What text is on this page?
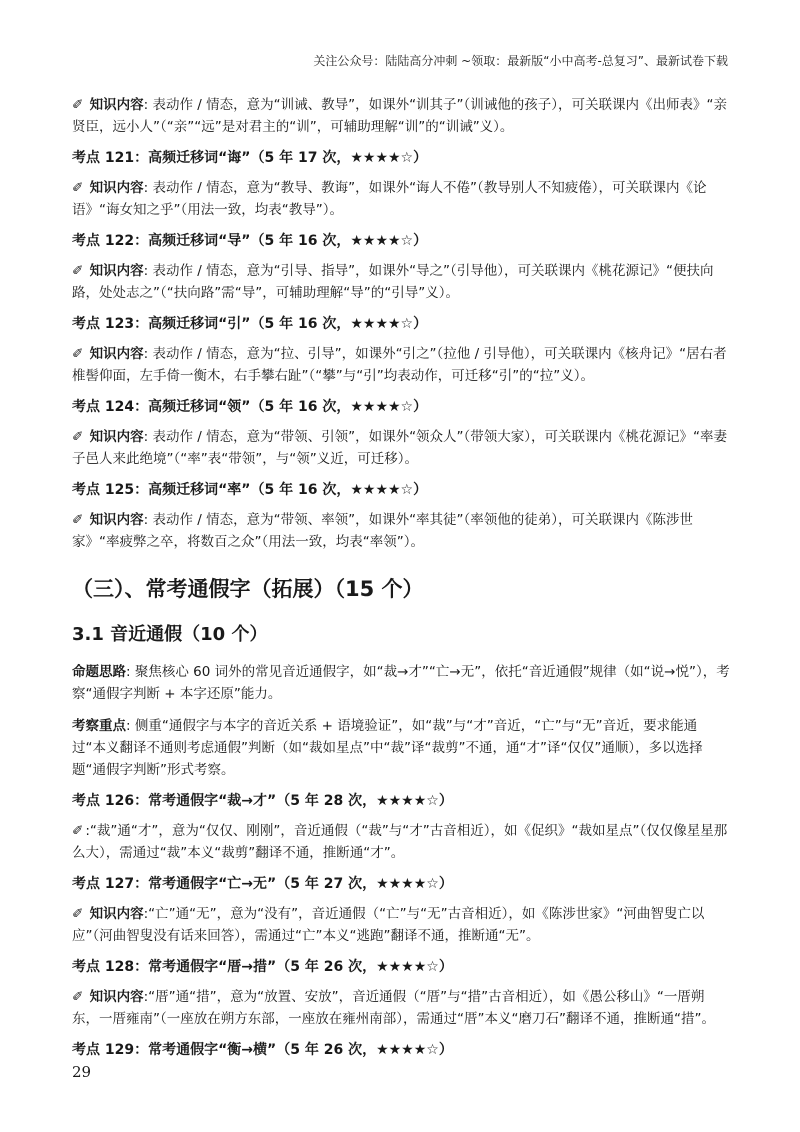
关注公众号：陆陆高分冲刺 ~领取：最新版“小中高考-总复习”、最新试卷下载

✐ 知识内容: 表动作 / 情态，意为“训诫、教导”，如课外“训其子”（训诫他的孩子），可关联课内《出师表》“亲贤臣，远小人”（“亲”“远”是对君主的“训”，可辅助理解“训”的“训诫”义）。

考点 121：高频迁移词“诲”（5 年 17 次，★★★★☆）

✐ 知识内容: 表动作 / 情态，意为“教导、教诲”，如课外“诲人不倦”（教导别人不知疲倦），可关联课内《论语》“诲女知之乎”（用法一致，均表“教导”）。

考点 122：高频迁移词“导”（5 年 16 次，★★★★☆）

✐ 知识内容: 表动作 / 情态，意为“引导、指导”，如课外“导之”（引导他），可关联课内《桃花源记》“便扶向路，处处志之”（“扶向路”需“导”，可辅助理解“导”的“引导”义）。

考点 123：高频迁移词“引”（5 年 16 次，★★★★☆）

✐ 知识内容: 表动作 / 情态，意为“拉、引导”，如课外“引之”（拉他 / 引导他），可关联课内《核舟记》“居右者椎髻仰面，左手倚一衡木，右手攀右趾”（“攀”与“引”均表动作，可迁移“引”的“拉”义）。

考点 124：高频迁移词“领”（5 年 16 次，★★★★☆）

✐ 知识内容: 表动作 / 情态，意为“带领、引领”，如课外“领众人”（带领大家），可关联课内《桃花源记》“率妻子邑人来此绝境”（“率”表“带领”，与“领”义近，可迁移）。

考点 125：高频迁移词“率”（5 年 16 次，★★★★☆）

✐ 知识内容: 表动作 / 情态，意为“带领、率领”，如课外“率其徒”（率领他的徒弟），可关联课内《陈涉世家》“率疲弊之卒，将数百之众”（用法一致，均表“率领”）。

（三）、常考通假字（拓展）（15 个）
3.1 音近通假（10 个）

命题思路: 聚焦核心 60 词外的常见音近通假字，如“裁→才”“亡→无”，依托“音近通假”规律（如“说→悦”），考察“通假字判断 + 本字还原”能力。

考察重点: 侧重“通假字与本字的音近关系 + 语境验证”，如“裁”与“才”音近，“亡”与“无”音近，要求能通过“本义翻译不通则考虑通假”判断（如“裁如星点”中“裁”译“裁剪”不通，通“才”译“仅仅”通顺），多以选择题“通假字判断”形式考察。

考点 126：常考通假字“裁→才”（5 年 28 次，★★★★☆）

✐ :“裁”通“才”，意为“仅仅、刚刚”，音近通假（“裁”与“才”古音相近），如《促织》“裁如星点”（仅仅像星星那么大），需通过“裁”本义“裁剪”翻译不通，推断通“才”。

考点 127：常考通假字“亡→无”（5 年 27 次，★★★★☆）

✐ 知识内容:“亡”通“无”，意为“没有”，音近通假（“亡”与“无”古音相近），如《陈涉世家》“河曲智叟亡以应”（河曲智叟没有话来回答），需通过“亡”本义“逃跑”翻译不通，推断通“无”。

考点 128：常考通假字“厝→措”（5 年 26 次，★★★★☆）

✐ 知识内容:“厝”通“措”，意为“放置、安放”，音近通假（“厝”与“措”古音相近），如《愚公移山》“一厝朔东，一厝雍南”（一座放在朔方东部，一座放在雍州南部），需通过“厝”本义“磨刀石”翻译不通，推断通“措”。

考点 129：常考通假字“衡→横”（5 年 26 次，★★★★☆）

29
